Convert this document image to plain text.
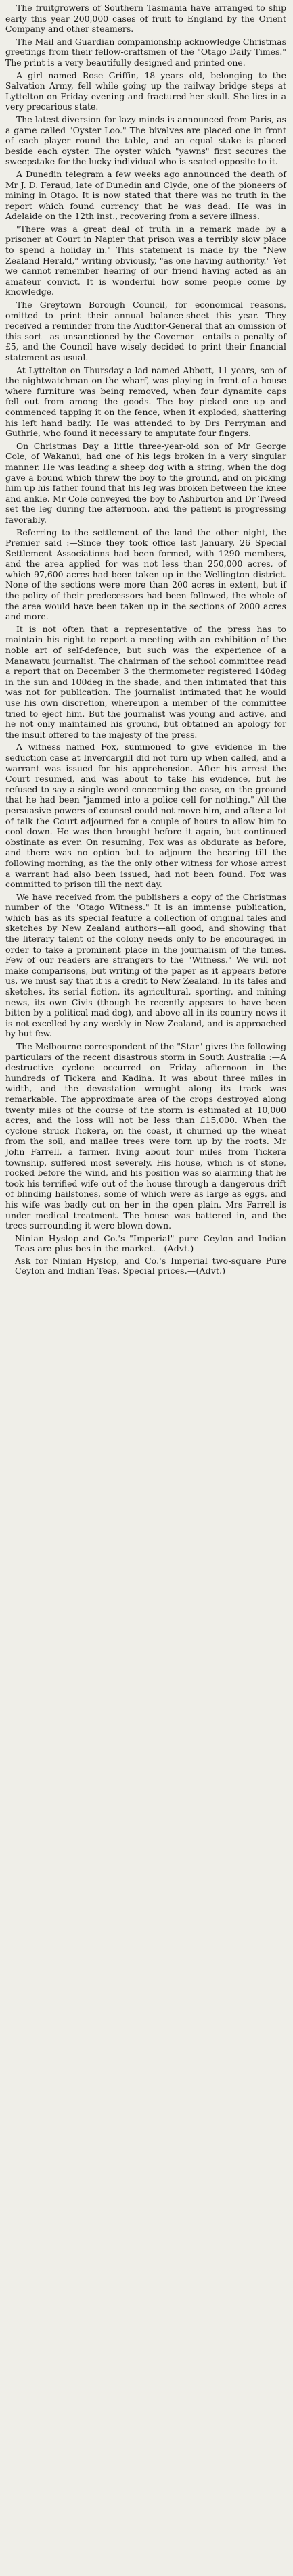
The fruitgrowers of Southern Tasmania have arranged to ship early this year 200,000 cases of fruit to England by the Orient Company and other steamers.

The Mail and Guardian companionship acknowledge Christmas greetings from their fellow-craftsmen of the "Otago Daily Times." The print is a very beautifully designed and printed one.

A girl named Rose Griffin, 18 years old, belonging to the Salvation Army, fell while going up the railway bridge steps at Lyttelton on Friday evening and fractured her skull. She lies in a very precarious state.

The latest diversion for lazy minds is announced from Paris, as a game called "Oyster Loo." The bivalves are placed one in front of each player round the table, and an equal stake is placed beside each oyster. The oyster which "yawns" first secures the sweepstake for the lucky individual who is seated opposite to it.

A Dunedin telegram a few weeks ago announced the death of Mr J. D. Feraud, late of Dunedin and Clyde, one of the pioneers of mining in Otago. It is now stated that there was no truth in the report which found currency that he was dead. He was in Adelaide on the 12th inst., recovering from a severe illness.

"There was a great deal of truth in a remark made by a prisoner at Court in Napier that prison was a terribly slow place to spend a holiday in." This statement is made by the "New Zealand Herald," writing obviously, "as one having authority." Yet we cannot remember hearing of our friend having acted as an amateur convict. It is wonderful how some people come by knowledge.

The Greytown Borough Council, for economical reasons, omitted to print their annual balance-sheet this year. They received a reminder from the Auditor-General that an omission of this sort—as unsanctioned by the Governor—entails a penalty of £5, and the Council have wisely decided to print their financial statement as usual.

At Lyttelton on Thursday a lad named Abbott, 11 years, son of the nightwatchman on the wharf, was playing in front of a house where furniture was being removed, when four dynamite caps fell out from among the goods. The boy picked one up and commenced tapping it on the fence, when it exploded, shattering his left hand badly. He was attended to by Drs Perryman and Guthrie, who found it necessary to amputate four fingers.

On Christmas Day a little three-year-old son of Mr George Cole, of Wakanui, had one of his legs broken in a very singular manner. He was leading a sheep dog with a string, when the dog gave a bound which threw the boy to the ground, and on picking him up his father found that his leg was broken between the knee and ankle. Mr Cole conveyed the boy to Ashburton and Dr Tweed set the leg during the afternoon, and the patient is progressing favorably.

Referring to the settlement of the land the other night, the Premier said :—Since they took office last January, 26 Special Settlement Associations had been formed, with 1290 members, and the area applied for was not less than 250,000 acres, of which 97,600 acres had been taken up in the Wellington district. None of the sections were more than 200 acres in extent, but if the policy of their predecessors had been followed, the whole of the area would have been taken up in the sections of 2000 acres and more.

It is not often that a representative of the press has to maintain his right to report a meeting with an exhibition of the noble art of self-defence, but such was the experience of a Manawatu journalist. The chairman of the school committee read a report that on December 3 the thermometer registered 140deg in the sun and 100deg in the shade, and then intimated that this was not for publication. The journalist intimated that he would use his own discretion, whereupon a member of the committee tried to eject him. But the journalist was young and active, and he not only maintained his ground, but obtained an apology for the insult offered to the majesty of the press.

A witness named Fox, summoned to give evidence in the seduction case at Invercargill did not turn up when called, and a warrant was issued for his apprehension. After his arrest the Court resumed, and was about to take his evidence, but he refused to say a single word concerning the case, on the ground that he had been "jammed into a police cell for nothing." All the persuasive powers of counsel could not move him, and after a lot of talk the Court adjourned for a couple of hours to allow him to cool down. He was then brought before it again, but continued obstinate as ever. On resuming, Fox was as obdurate as before, and there was no option but to adjourn the hearing till the following morning, as the the only other witness for whose arrest a warrant had also been issued, had not been found. Fox was committed to prison till the next day.

We have received from the publishers a copy of the Christmas number of the "Otago Witness." It is an immense publication, which has as its special feature a collection of original tales and sketches by New Zealand authors—all good, and showing that the literary talent of the colony needs only to be encouraged in order to take a prominent place in the journalism of the times. Few of our readers are strangers to the "Witness." We will not make comparisons, but writing of the paper as it appears before us, we must say that it is a credit to New Zealand. In its tales and sketches, its serial fiction, its agricultural, sporting, and mining news, its own Civis (though he recently appears to have been bitten by a political mad dog), and above all in its country news it is not excelled by any weekly in New Zealand, and is approached by but few.

The Melbourne correspondent of the "Star" gives the following particulars of the recent disastrous storm in South Australia :—A destructive cyclone occurred on Friday afternoon in the hundreds of Tickera and Kadina. It was about three miles in width, and the devastation wrought along its track was remarkable. The approximate area of the crops destroyed along twenty miles of the course of the storm is estimated at 10,000 acres, and the loss will not be less than £15,000. When the cyclone struck Tickera, on the coast, it churned up the wheat from the soil, and mallee trees were torn up by the roots. Mr John Farrell, a farmer, living about four miles from Tickera township, suffered most severely. His house, which is of stone, rocked before the wind, and his position was so alarming that he took his terrified wife out of the house through a dangerous drift of blinding hailstones, some of which were as large as eggs, and his wife was badly cut on her in the open plain. Mrs Farrell is under medical treatment. The house was battered in, and the trees surrounding it were blown down.

Ninian Hyslop and Co.'s "Imperial" pure Ceylon and Indian Teas are plus bes in the market.—(Advt.)

Ask for Ninian Hyslop, and Co.'s Imperial two-square Pure Ceylon and Indian Teas. Special prices.—(Advt.)
